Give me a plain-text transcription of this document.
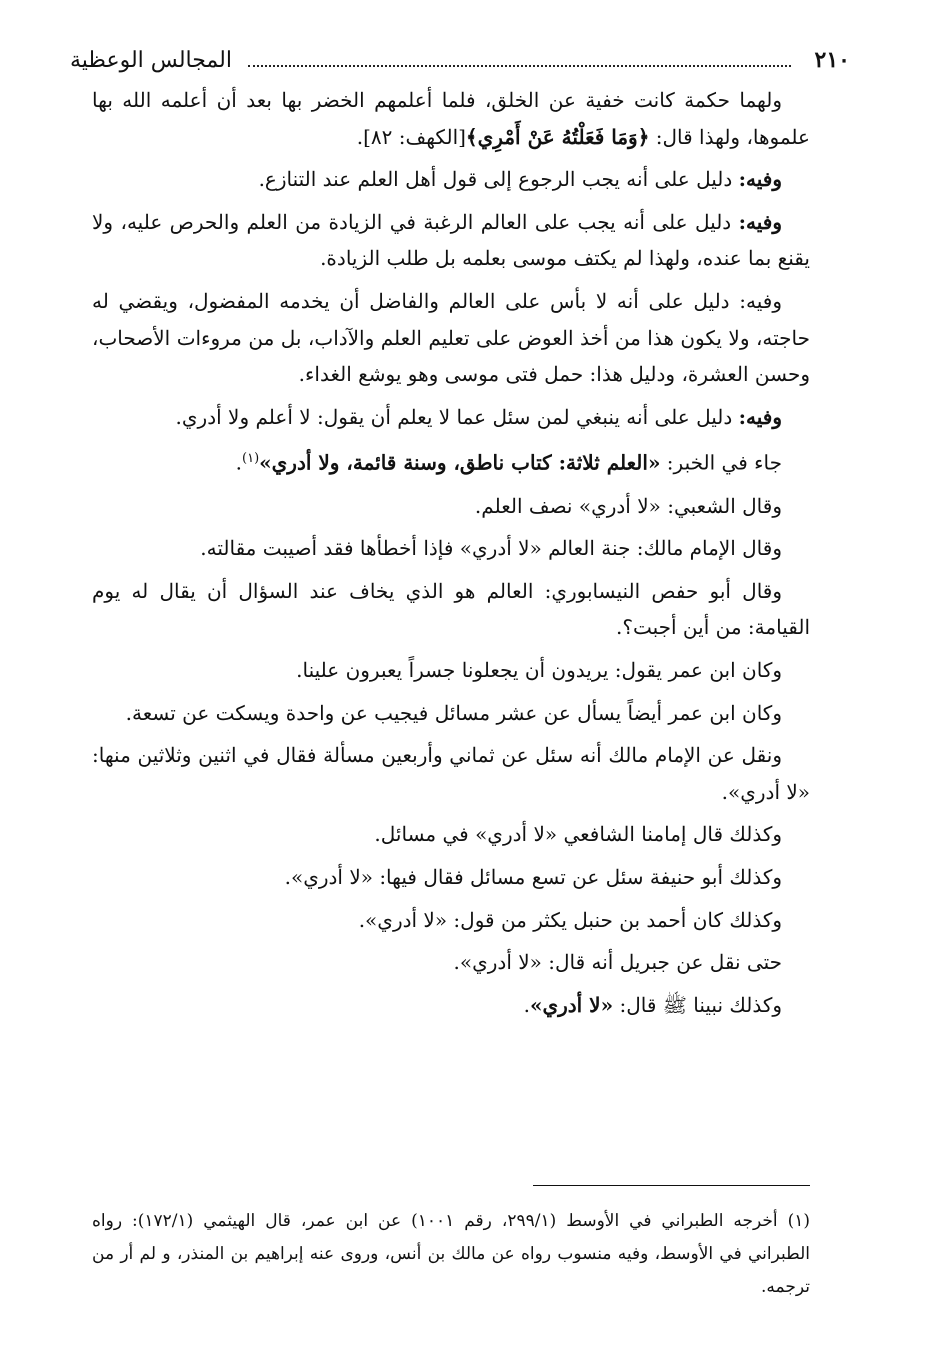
٢١٠
المجالس الوعظية

ولهما حكمة كانت خفية عن الخلق، فلما أعلمهم الخضر بها بعد أن أعلمه الله بها علموها، ولهذا قال: ﴿وَمَا فَعَلْتُهُ عَنْ أَمْرِي﴾[الكهف: ٨٢].

وفيه: دليل على أنه يجب الرجوع إلى قول أهل العلم عند التنازع.

وفيه: دليل على أنه يجب على العالم الرغبة في الزيادة من العلم والحرص عليه، ولا يقنع بما عنده، ولهذا لم يكتف موسى بعلمه بل طلب الزيادة.

وفيه: دليل على أنه لا بأس على العالم والفاضل أن يخدمه المفضول، ويقضي له حاجته، ولا يكون هذا من أخذ العوض على تعليم العلم والآداب، بل من مروءات الأصحاب، وحسن العشرة، ودليل هذا: حمل فتى موسى وهو يوشع الغداء.

وفيه: دليل على أنه ينبغي لمن سئل عما لا يعلم أن يقول: لا أعلم ولا أدري.

جاء في الخبر: «العلم ثلاثة: كتاب ناطق، وسنة قائمة، ولا أدري»$^{(١)}$.

وقال الشعبي: «لا أدري» نصف العلم.

وقال الإمام مالك: جنة العالم «لا أدري» فإذا أخطأها فقد أصيبت مقالته.

وقال أبو حفص النيسابوري: العالم هو الذي يخاف عند السؤال أن يقال له يوم القيامة: من أين أجبت؟.

وكان ابن عمر يقول: يريدون أن يجعلونا جسراً يعبرون علينا.

وكان ابن عمر أيضاً يسأل عن عشر مسائل فيجيب عن واحدة ويسكت عن تسعة.

ونقل عن الإمام مالك أنه سئل عن ثماني وأربعين مسألة فقال في اثنين وثلاثين منها: «لا أدري».

وكذلك قال إمامنا الشافعي «لا أدري» في مسائل.

وكذلك أبو حنيفة سئل عن تسع مسائل فقال فيها: «لا أدري».

وكذلك كان أحمد بن حنبل يكثر من قول: «لا أدري».

حتى نقل عن جبريل أنه قال: «لا أدري».

وكذلك نبينا ﷺ قال: «لا أدري».

(١) أخرجه الطبراني في الأوسط (٢٩٩/١، رقم ١٠٠١) عن ابن عمر، قال الهيثمي (١٧٢/١): رواه الطبراني في الأوسط، وفيه منسوب رواه عن مالك بن أنس، وروى عنه إبراهيم بن المنذر، و لم أر من ترجمه.
